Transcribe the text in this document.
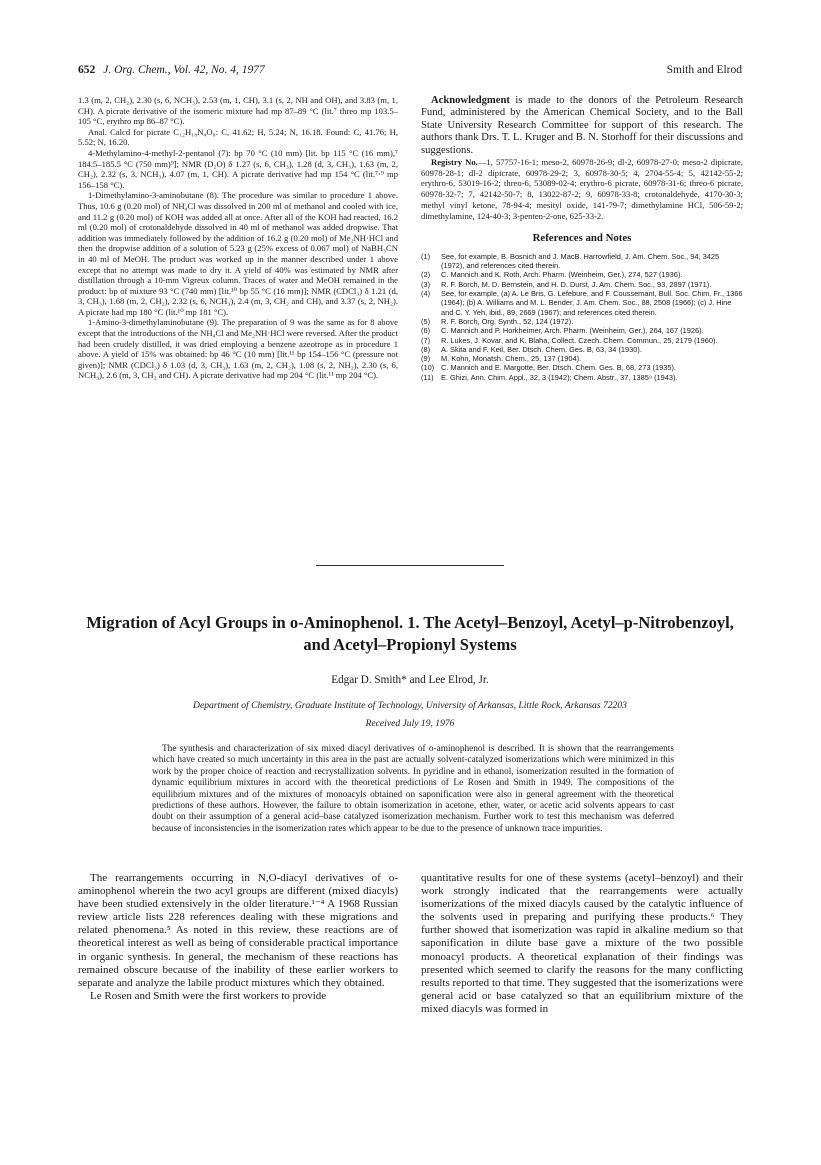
652 J. Org. Chem., Vol. 42, No. 4, 1977	Smith and Elrod

1.3 (m, 2, CH₂), 2.30 (s, 6, NCH₃), 2.53 (m, 1, CH), 3.1 (s, 2, NH and OH), and 3.83 (m, 1, CH). A picrate derivative of the isomeric mixture had mp 87–89 °C (lit.⁷ threo mp 103.5–105 °C, erythro mp 86–87 °C).

Anal. Calcd for picrate C₁₂H₁₈N₄O₈: C, 41.62; H, 5.24; N, 16.18. Found: C, 41.76; H, 5.52; N, 16.20.

4-Methylamino-4-methyl-2-pentanol (7): bp 70 °C (10 mm) [lit. bp 115 °C (16 mm),⁷ 184.5–185.5 °C (750 mm)⁹]; NMR (D₂O) δ 1.27 (s, 6, CH₃), 1.28 (d, 3, CH₃), 1.63 (m, 2, CH₂), 2.32 (s, 3, NCH₃), 4.07 (m, 1, CH). A picrate derivative had mp 154 °C (lit.⁷·⁹ mp 156–158 °C).

1-Dimethylamino-3-aminobutane (8). The procedure was similar to procedure 1 above. Thus, 10.6 g (0.20 mol) of NH₄Cl was dissolved in 200 ml of methanol and cooled with ice, and 11.2 g (0.20 mol) of KOH was added all at once. After all of the KOH had reacted, 16.2 ml (0.20 mol) of crotonaldehyde dissolved in 40 ml of methanol was added dropwise. That addition was immediately followed by the addition of 16.2 g (0.20 mol) of Me₂NH·HCl and then the dropwise addition of a solution of 5.23 g (25% excess of 0.067 mol) of NaBH₃CN in 40 ml of MeOH. The product was worked up in the manner described under 1 above except that no attempt was made to dry it. A yield of 40% was estimated by NMR after distillation through a 10-mm Vigreux column. Traces of water and MeOH remained in the product: bp of mixture 93 °C (740 mm) [lit.¹⁰ bp 55 °C (16 mm)]; NMR (CDCl₃) δ 1.21 (d, 3, CH₃), 1.68 (m, 2, CH₂), 2.32 (s, 6, NCH₃), 2.4 (m, 3, CH₂ and CH), and 3.37 (s, 2, NH₂). A picrate had mp 180 °C (lit.¹⁰ mp 181 °C).

1-Amino-3-dimethylaminobutane (9). The preparation of 9 was the same as for 8 above except that the introductions of the NH₄Cl and Me₂NH·HCl were reversed. After the product had been crudely distilled, it was dried employing a benzene azeotrope as in procedure 1 above. A yield of 15% was obtained: bp 46 °C (10 mm) [lit.¹¹ bp 154–156 °C (pressure not given)]; NMR (CDCl₃) δ 1.03 (d, 3, CH₃), 1.63 (m, 2, CH₂), 1.08 (s, 2, NH₂), 2.30 (s, 6, NCH₃), 2.6 (m, 3, CH₂ and CH). A picrate derivative had mp 204 °C (lit.¹¹ mp 204 °C).

Acknowledgment is made to the donors of the Petroleum Research Fund, administered by the American Chemical Society, and to the Ball State University Research Committee for support of this research. The authors thank Drs. T. L. Kruger and B. N. Storhoff for their discussions and suggestions.

Registry No.—1, 57757-16-1; meso-2, 60978-26-9; dl-2, 60978-27-0; meso-2 dipicrate, 60978-28-1; dl-2 dipicrate, 60978-29-2; 3, 60978-30-5; 4, 2704-55-4; 5, 42142-55-2; erythro-6, 53019-16-2; threo-6, 53089-02-4; erythro-6 picrate, 60978-31-6; threo-6 picrate, 60978-32-7; 7, 42142-50-7; 8, 13022-87-2; 9, 60978-33-8; crotonaldehyde, 4170-30-3; methyl vinyl ketone, 78-94-4; mesityl oxide, 141-79-7; dimethylamine HCl, 506-59-2; dimethylamine, 124-40-3; 3-penten-2-one, 625-33-2.

References and Notes
(1)	See, for example, B. Bosnich and J. MacB. Harrowfield, J. Am. Chem. Soc., 94, 3425 (1972), and references cited therein.
(2)	C. Mannich and K. Roth, Arch. Pharm. (Weinheim, Ger.), 274, 527 (1936).
(3)	R. F. Borch, M. D. Bernstein, and H. D. Durst, J. Am. Chem. Soc., 93, 2897 (1971).
(4)	See, for example, (a) A. Le Bris, G. Lefebure, and F. Coussemant, Bull. Soc. Chim. Fr., 1366 (1964); (b) A. Williams and M. L. Bender, J. Am. Chem. Soc., 88, 2508 (1966); (c) J. Hine and C. Y. Yeh, ibid., 89, 2669 (1967); and references cited therein.
(5)	R. F. Borch, Org. Synth., 52, 124 (1972).
(6)	C. Mannich and P. Horkheimer, Arch. Pharm. (Weinheim, Ger.), 264, 167 (1926).
(7)	R. Lukes, J. Kovar, and K. Blaha, Collect. Czech. Chem. Commun., 25, 2179 (1960).
(8)	A. Skita and F. Keil, Ber. Dtsch. Chem. Ges. B, 63, 34 (1930).
(9)	M. Kohn, Monatsh. Chem., 25, 137 (1904).
(10) C. Mannich and E. Margotte, Ber. Dtsch. Chem. Ges. B, 68, 273 (1935).
(11)	E. Ghizi, Ann. Chim. Appl., 32, 3 (1942); Chem. Abstr., 37, 1385⁹ (1943).
Migration of Acyl Groups in o-Aminophenol. 1. The Acetyl–Benzoyl, Acetyl–p-Nitrobenzoyl, and Acetyl–Propionyl Systems
Edgar D. Smith* and Lee Elrod, Jr.
Department of Chemistry, Graduate Institute of Technology, University of Arkansas, Little Rock, Arkansas 72203
Received July 19, 1976

The synthesis and characterization of six mixed diacyl derivatives of o-aminophenol is described. It is shown that the rearrangements which have created so much uncertainty in this area in the past are actually solvent-catalyzed isomerizations which were minimized in this work by the proper choice of reaction and recrystallization solvents. In pyridine and in ethanol, isomerization resulted in the formation of dynamic equilibrium mixtures in accord with the theoretical predictions of Le Rosen and Smith in 1949. The compositions of the equilibrium mixtures and of the mixtures of monoacyls obtained on saponification were also in general agreement with the theoretical predictions of these authors. However, the failure to obtain isomerization in acetone, ether, water, or acetic acid solvents appears to cast doubt on their assumption of a general acid–base catalyzed isomerization mechanism. Further work to test this mechanism was deferred because of inconsistencies in the isomerization rates which appear to be due to the presence of unknown trace impurities.

The rearrangements occurring in N,O-diacyl derivatives of o-aminophenol wherein the two acyl groups are different (mixed diacyls) have been studied extensively in the older literature.¹⁻⁴ A 1968 Russian review article lists 228 references dealing with these migrations and related phenomena.⁵ As noted in this review, these reactions are of theoretical interest as well as being of considerable practical importance in organic synthesis. In general, the mechanism of these reactions has remained obscure because of the inability of these earlier workers to separate and analyze the labile product mixtures which they obtained.

Le Rosen and Smith were the first workers to provide

quantitative results for one of these systems (acetyl–benzoyl) and their work strongly indicated that the rearrangements were actually isomerizations of the mixed diacyls caused by the catalytic influence of the solvents used in preparing and purifying these products.⁶ They further showed that isomerization was rapid in alkaline medium so that saponification in dilute base gave a mixture of the two possible monoacyl products. A theoretical explanation of their findings was presented which seemed to clarify the reasons for the many conflicting results reported to that time. They suggested that the isomerizations were general acid or base catalyzed so that an equilibrium mixture of the mixed diacyls was formed in
